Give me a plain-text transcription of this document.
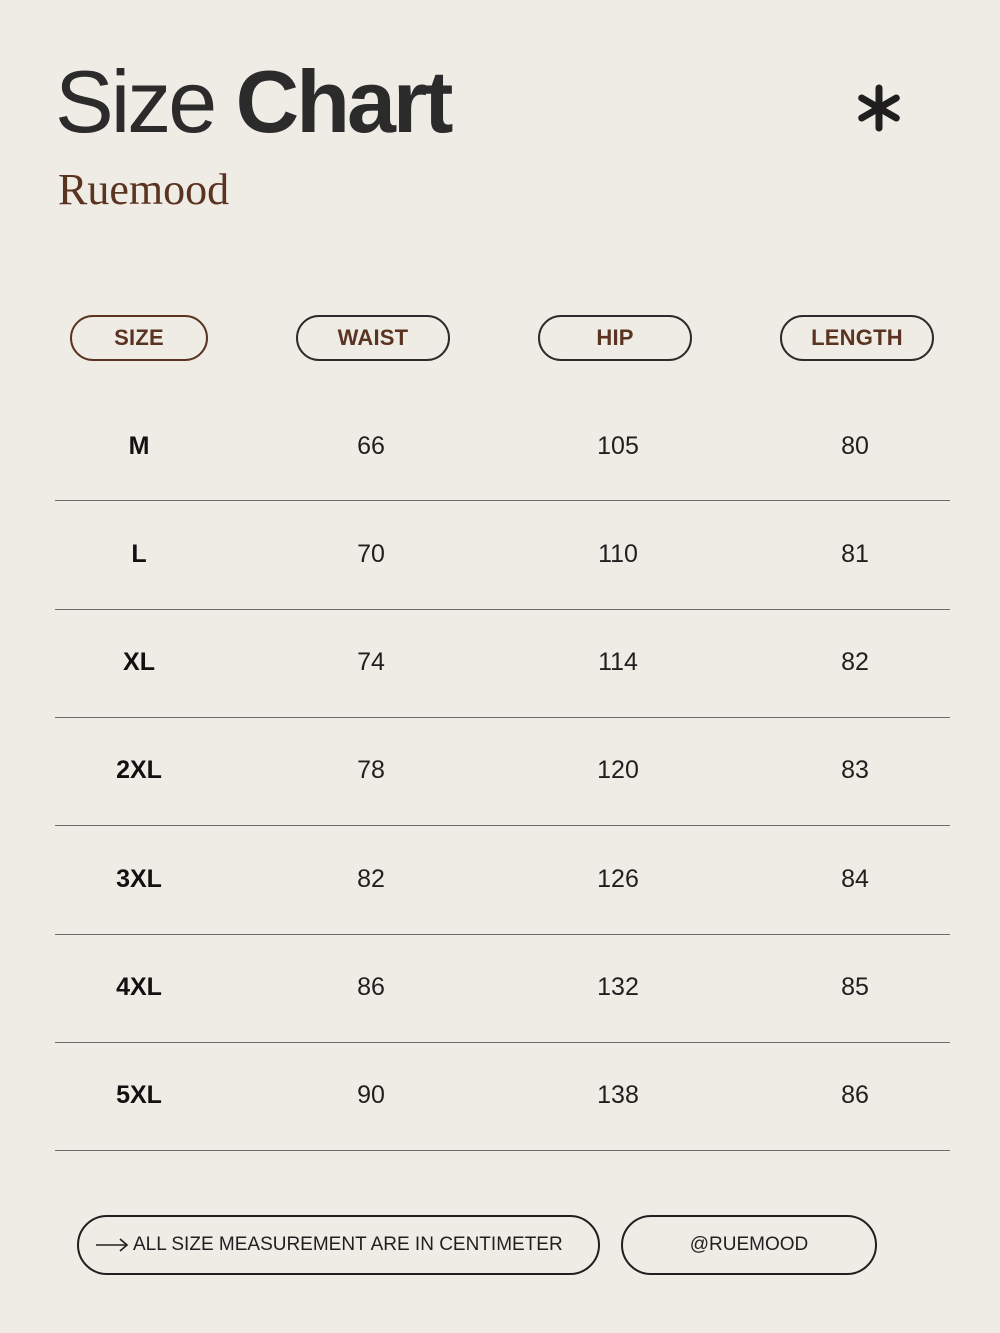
Size Chart
Ruemood
SIZE	WAIST	HIP	LENGTH
M	66	105	80
L	70	110	81
XL	74	114	82
2XL	78	120	83
3XL	82	126	84
4XL	86	132	85
5XL	90	138	86
ALL SIZE MEASUREMENT ARE IN CENTIMETER	@RUEMOOD
